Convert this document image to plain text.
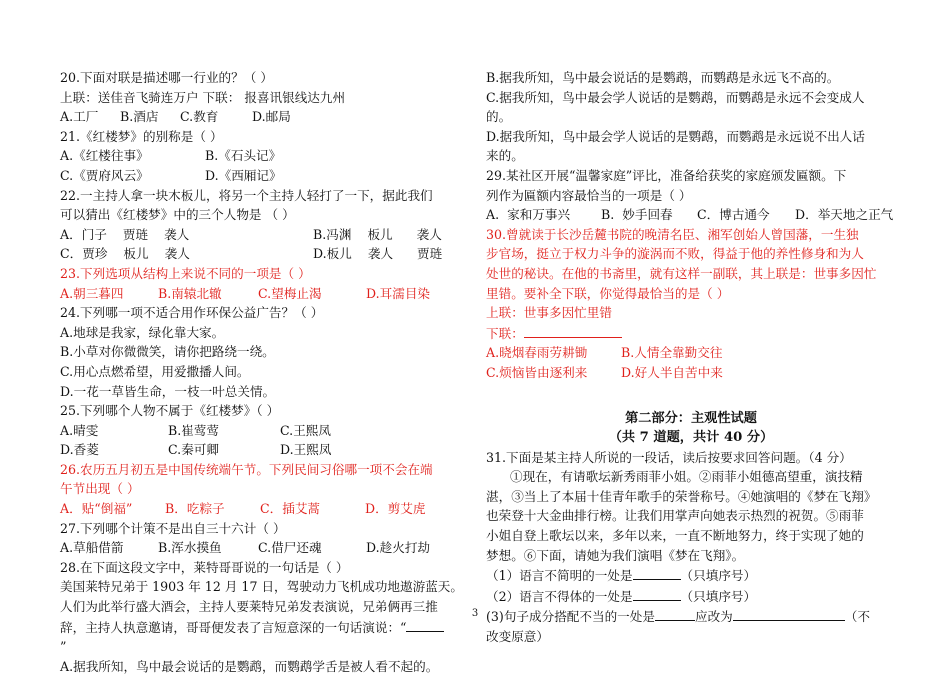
20.下面对联是描述哪一行业的？（ ）
上联：送佳音飞骑连万户 下联： 报喜讯银线达九州
A.工厂	B.酒店	C.教育	D.邮局
21.《红楼梦》的别称是（ ）
A.《红楼往事》	B.《石头记》
C.《贾府风云》	D.《西厢记》
22.一主持人拿一块木板儿，将另一个主持人轻打了一下，据此我们
可以猜出《红楼梦》中的三个人物是 （ ）
A．门子    贾琏    袭人	B.冯渊    板儿      袭人
C．贾珍    板儿    袭人	D.板儿    袭人      贾琏
23.下列选项从结构上来说不同的一项是（ ）
A.朝三暮四	B.南辕北辙	C.望梅止渴	D.耳濡目染
24.下列哪一项不适合用作环保公益广告？（ ）
A.地球是我家，绿化靠大家。
B.小草对你微微笑，请你把路绕一绕。
C.用心点燃希望，用爱撒播人间。
D.一花一草皆生命，一枝一叶总关情。
25.下列哪个人物不属于《红楼梦》（ ）
A.晴雯	B.崔莺莺	C.王熙凤
D.香菱	C.秦可卿	D.王熙凤
26.农历五月初五是中国传统端午节。下列民间习俗哪一项不会在端
午节出现（ ）
A．贴“倒福”	B．吃粽子	C．插艾蒿	D．剪艾虎
27.下列哪个计策不是出自三十六计（ ）
A.草船借箭	B.浑水摸鱼	C.借尸还魂	D.趁火打劫
28.在下面这段文字中，莱特哥哥说的一句话是（ ）
美国莱特兄弟于 1903 年 12 月 17 日，驾驶动力飞机成功地遨游蓝天。
人们为此举行盛大酒会，主持人要莱特兄弟发表演说，兄弟俩再三推
辞，主持人执意邀请，哥哥便发表了言短意深的一句话演说：“
”
A.据我所知，鸟中最会说话的是鹦鹉，而鹦鹉学舌是被人看不起的。
B.据我所知，鸟中最会说话的是鹦鹉，而鹦鹉是永远飞不高的。
C.据我所知，鸟中最会学人说话的是鹦鹉，而鹦鹉是永远不会变成人
的。
D.据我所知，鸟中最会学人说话的是鹦鹉，而鹦鹉是永远说不出人话
来的。
29.某社区开展“温馨家庭”评比，准备给获奖的家庭颁发匾额。下
列作为匾额内容最恰当的一项是（ ）
A.  家和万事兴	B.  妙手回春	C．博古通今	D．举天地之正气
30.曾就读于长沙岳麓书院的晚清名臣、湘军创始人曾国藩，一生独
步官场，挺立于权力斗争的漩涡而不败，得益于他的养性修身和为人
处世的秘诀。在他的书斋里，就有这样一副联，其上联是：世事多因忙
里错。要补全下联，你觉得最恰当的是（ ）
上联：世事多因忙里错
下联：
A.晓烟春雨劳耕锄	B.人情全靠勤交往
C.烦恼皆由逐利来	D.好人半自苦中来
第二部分：主观性试题
（共 7 道题，共计 40 分）
31.下面是某主持人所说的一段话，读后按要求回答问题。（4 分）
①现在，有请歌坛新秀雨菲小姐。②雨菲小姐德高望重，演技精
湛，③当上了本届十佳青年歌手的荣誉称号。④她演唱的《梦在飞翔》
也荣登十大金曲排行榜。让我们用掌声向她表示热烈的祝贺。⑤雨菲
小姐自登上歌坛以来，多年以来，一直不断地努力，终于实现了她的
梦想。⑥下面，请她为我们演唱《梦在飞翔》。
（1）语言不简明的一处是	（只填序号）
（2）语言不得体的一处是	（只填序号）
(3)句子成分搭配不当的一处是	应改为	（不
改变原意）
3
